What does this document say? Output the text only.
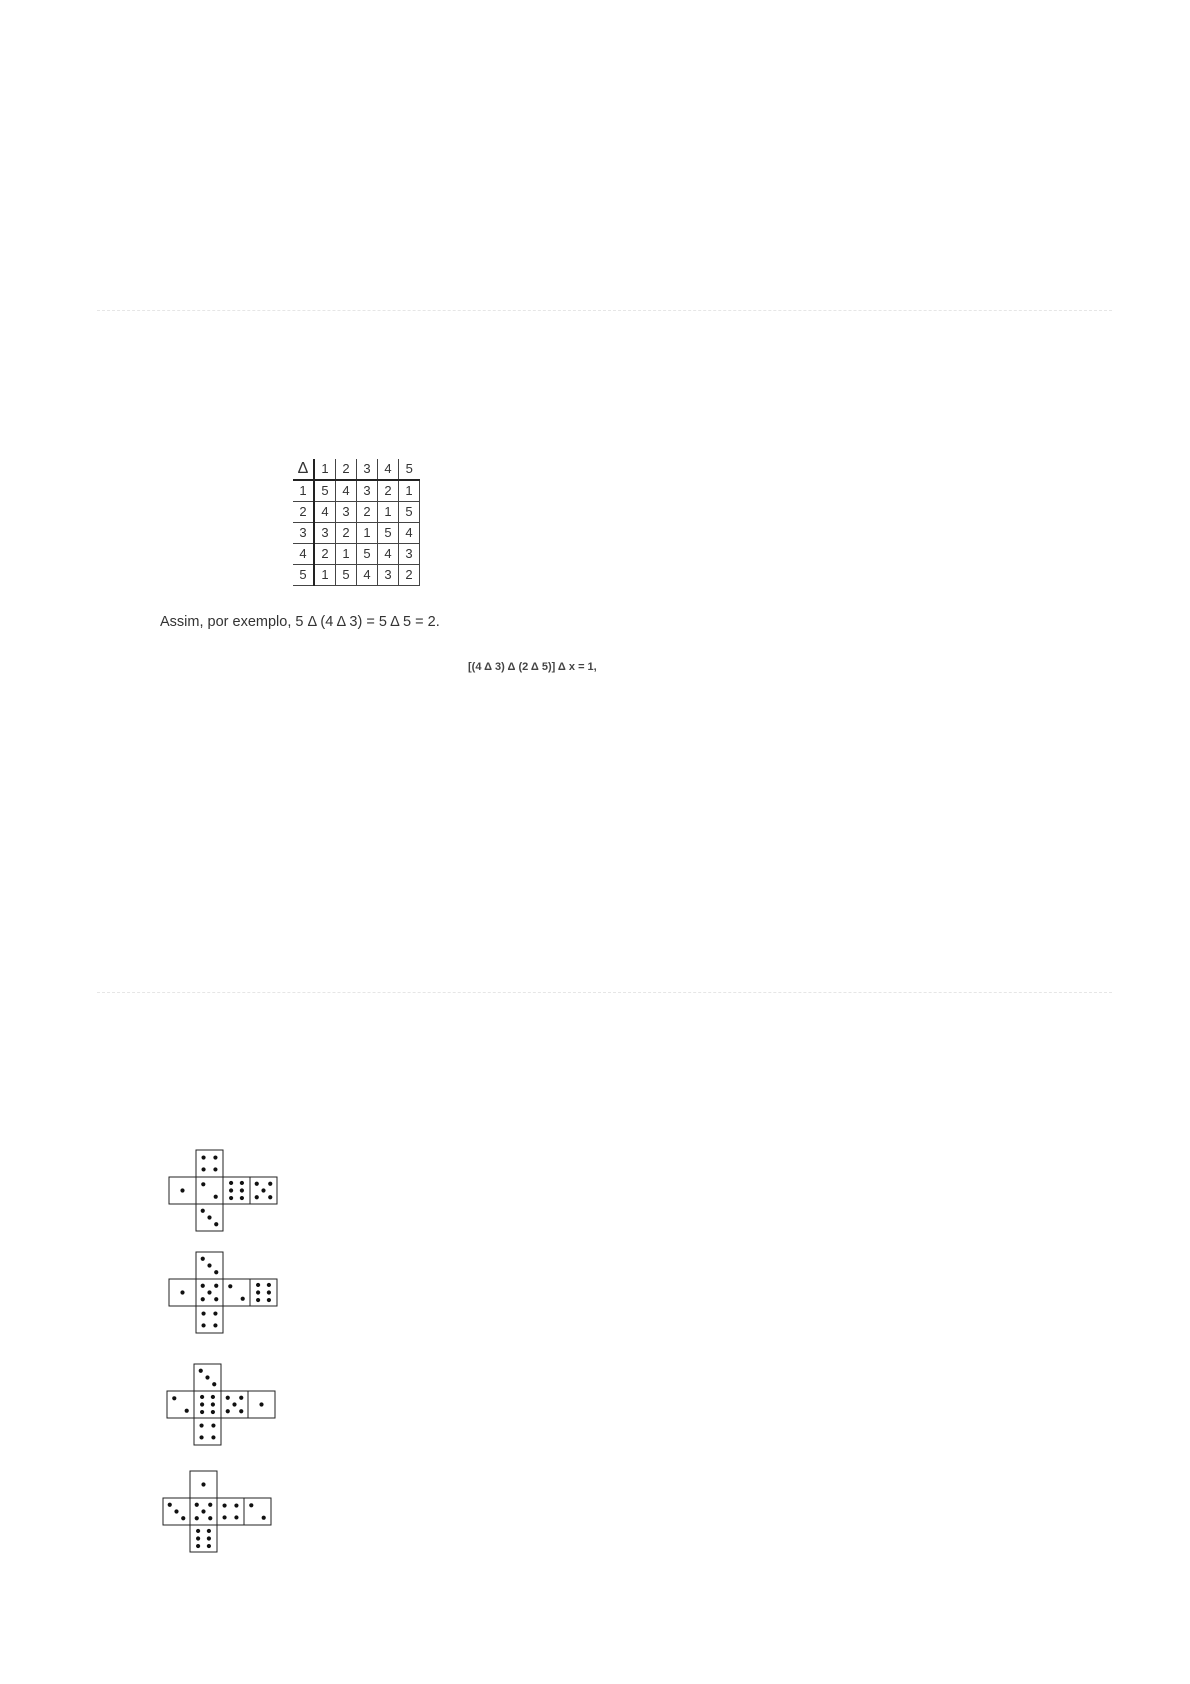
Δ	1	2	3	4	5
1	5	4	3	2	1
2	4	3	2	1	5
3	3	2	1	5	4
4	2	1	5	4	3
5	1	5	4	3	2
Assim, por exemplo, 5 Δ (4 Δ 3) = 5 Δ 5 = 2.
[(4 Δ 3) Δ (2 Δ 5)] Δ x = 1,
